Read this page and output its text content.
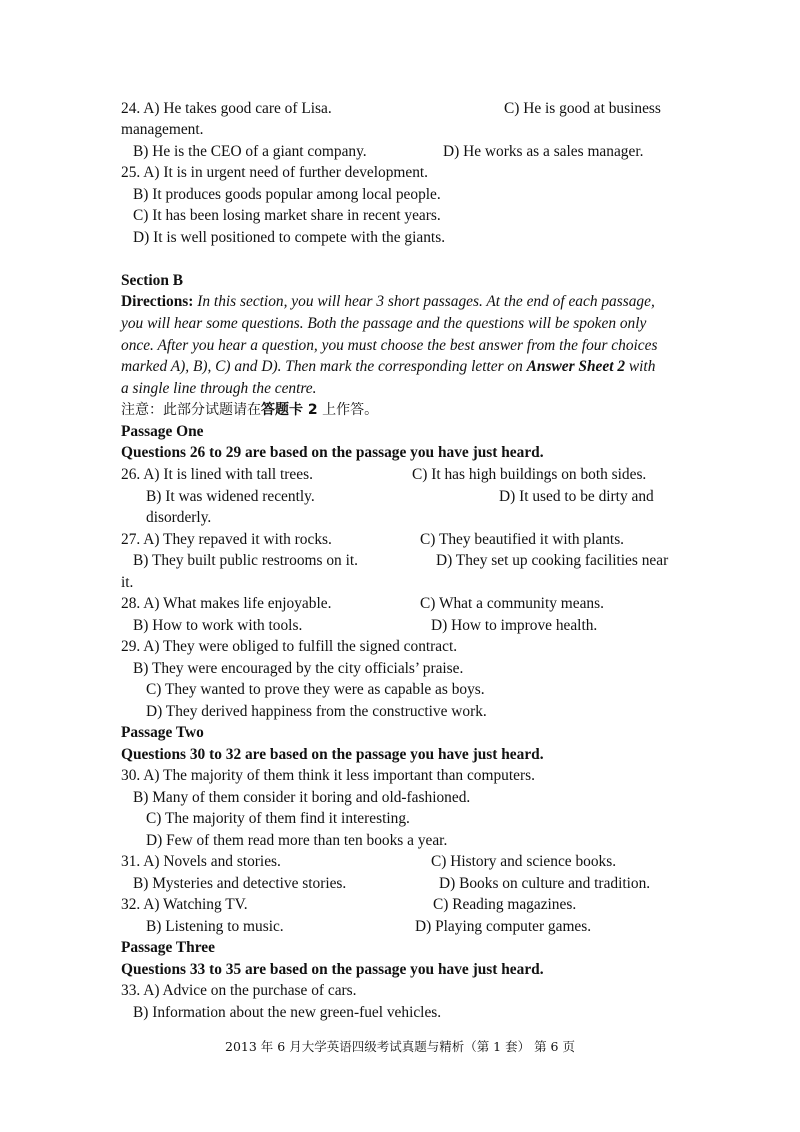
24. A) He takes good care of Lisa.	C) He is good at business
management.
B) He is the CEO of a giant company.	D) He works as a sales manager.
25. A) It is in urgent need of further development.
B) It produces goods popular among local people.
C) It has been losing market share in recent years.
D) It is well positioned to compete with the giants.
Section B
Directions: In this section, you will hear 3 short passages. At the end of each passage,
you will hear some questions. Both the passage and the questions will be spoken only
once. After you hear a question, you must choose the best answer from the four choices
marked A), B), C) and D). Then mark the corresponding letter on Answer Sheet 2 with
a single line through the centre.
注意：此部分试题请在答题卡 2 上作答。
Passage One
Questions 26 to 29 are based on the passage you have just heard.
26. A) It is lined with tall trees.	C) It has high buildings on both sides.
B) It was widened recently.	D) It used to be dirty and
disorderly.
27. A) They repaved it with rocks.	C) They beautified it with plants.
B) They built public restrooms on it.	D) They set up cooking facilities near
it.
28. A) What makes life enjoyable.	C) What a community means.
B) How to work with tools.	D) How to improve health.
29. A) They were obliged to fulfill the signed contract.
B) They were encouraged by the city officials’ praise.
C) They wanted to prove they were as capable as boys.
D) They derived happiness from the constructive work.
Passage Two
Questions 30 to 32 are based on the passage you have just heard.
30. A) The majority of them think it less important than computers.
B) Many of them consider it boring and old-fashioned.
C) The majority of them find it interesting.
D) Few of them read more than ten books a year.
31. A) Novels and stories.	C) History and science books.
B) Mysteries and detective stories.	D) Books on culture and tradition.
32. A) Watching TV.	C) Reading magazines.
B) Listening to music.	D) Playing computer games.
Passage Three
Questions 33 to 35 are based on the passage you have just heard.
33. A) Advice on the purchase of cars.
B) Information about the new green-fuel vehicles.
2013 年 6 月大学英语四级考试真题与精析（第 1 套） 第 6 页
